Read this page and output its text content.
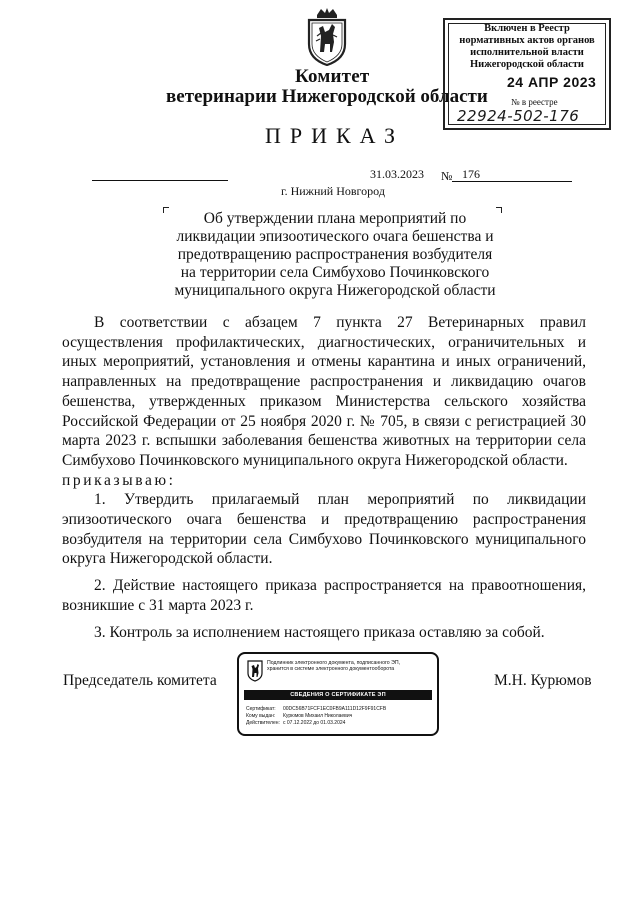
Комитет
ветеринарии Нижегородской области
ПРИКАЗ
Включен в Реестр
нормативных актов органов
исполнительной власти
Нижегородской области
24 АПР 2023
№ в реестре
22924-502-176
31.03.2023 № 176
г. Нижний Новгород
Об утверждении плана мероприятий по
ликвидации эпизоотического очага бешенства и
предотвращению распространения возбудителя
на территории села Симбухово Починковского
муниципального округа Нижегородской области
В соответствии с абзацем 7 пункта 27 Ветеринарных правил
осуществления профилактических, диагностических, ограничительных и иных мероприятий, установления и отмены карантина и иных ограничений, направленных на предотвращение распространения и ликвидацию очагов бешенства, утвержденных приказом Министерства сельского хозяйства Российской Федерации от 25 ноября 2020 г. № 705, в связи с регистрацией 30 марта 2023 г. вспышки заболевания бешенства животных на территории села Симбухово Починковского муниципального округа Нижегородской области.
приказываю:
1. Утвердить прилагаемый план мероприятий по ликвидации эпизоотического очага бешенства и предотвращению распространения возбудителя на территории села Симбухово Починковского муниципального округа Нижегородской области.
2. Действие настоящего приказа распространяется на правоотношения, возникшие с 31 марта 2023 г.
3. Контроль за исполнением настоящего приказа оставляю за собой.
Председатель комитета	М.Н. Курюмов
Подлинник электронного документа, подписанного ЭП,
хранится в системе электронного документооборота
СВЕДЕНИЯ О СЕРТИФИКАТЕ ЭП
Сертификат: 00DC56B71FCF1EC0FB9A111D12F9F91CFB
Кому выдан: Курюмов Михаил Николаевич
Действителен: с 07.12.2022 до 01.03.2024
